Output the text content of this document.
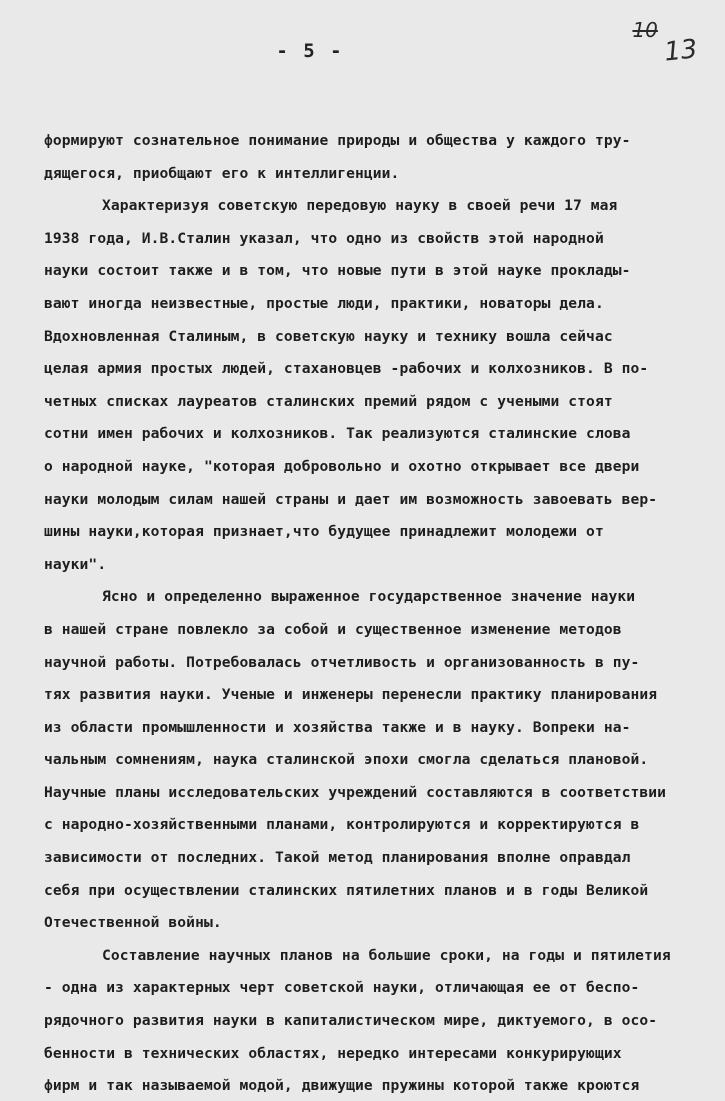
- 5 -
1013
формируют сознательное понимание природы и общества у каждого тру-
дящегося, приобщают его к интеллигенции.
Характеризуя советскую передовую науку в своей речи 17 мая
1938 года, И.В.Сталин указал, что одно из свойств этой народной
науки состоит также и в том, что новые пути в этой науке проклады-
вают иногда неизвестные, простые люди, практики, новаторы дела.
Вдохновленная Сталиным, в советскую науку и технику вошла сейчас
целая армия простых людей, стахановцев -рабочих и колхозников. В по-
четных списках лауреатов сталинских премий рядом с учеными стоят
сотни имен рабочих и колхозников. Так реализуются сталинские слова
о народной науке, "которая добровольно и охотно открывает все двери
науки молодым силам нашей страны и дает им возможность завоевать вер-
шины науки,которая признает,что будущее принадлежит молодежи от
науки".
Ясно и определенно выраженное государственное значение науки
в нашей стране повлекло за собой и существенное изменение методов
научной работы. Потребовалась отчетливость и организованность в пу-
тях развития науки. Ученые и инженеры перенесли практику планирования
из области промышленности и хозяйства также и в науку. Вопреки на-
чальным сомнениям, наука сталинской эпохи смогла сделаться плановой.
Научные планы исследовательских учреждений составляются в соответствии
с народно-хозяйственными планами, контролируются и корректируются в
зависимости от последних. Такой метод планирования вполне оправдал
себя при осуществлении сталинских пятилетних планов и в годы Великой
Отечественной войны.
Составление научных планов на большие сроки, на годы и пятилетия
- одна из характерных черт советской науки, отличающая ее от беспо-
рядочного развития науки в капиталистическом мире, диктуемого, в осо-
бенности в технических областях, нередко интересами конкурирующих
фирм и так называемой модой, движущие пружины которой также кроются
